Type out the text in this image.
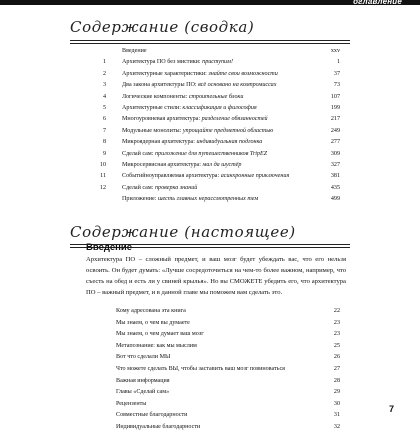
оглавление
Cодержание (сводка)
Введение	xxv
1	Архитектура ПО без мистики: приступим!	1
2	Архитектурные характеристики: знайте свои возможности	37
3	Два закона архитектуры ПО: всё основано на компромиссах	73
4	Логические компоненты: строительные блоки	107
5	Архитектурные стили: классификация и философия	199
6	Многоуровневая архитектура: разделение обязанностей	217
7	Модульные монолиты: упрощайте предметной областью	249
8	Микроядерная архитектура: индивидуальная подгонка	277
9	Сделай сам: приложение для путешественников TripEZ	309
10	Микросервисная архитектура: мал да шустёр	327
11	Событийноуправляемая архитектура: асинхронные приключения	381
12	Сделай сам: проверка знаний	435
Приложение: шесть главных нерассмотренных тем	499
Cодержание (настоящее)
Введение
Архитектура ПО – сложный предмет, и ваш мозг будет убеждать вас, что его нельзя освоить. Он будет думать: «Лучше сосредоточиться на чем-то более важном, например, что съесть на обед и есть ли у свиней крылья». Но вы СМОЖЕТЕ убедить его, что архитектура ПО – важный предмет, и в данной главе мы поможем вам сделать это.
Кому адресована эта книга	22
Мы знаем, о чем вы думаете	23
Мы знаем, о чем думает ваш мозг	23
Метапознание: как мы мыслим	25
Вот что сделали МЫ	26
Что можете сделать ВЫ, чтобы заставить ваш мозг повиноваться	27
Важная информация	28
Главы «Сделай сам»	29
Рецензенты	30
Совместные благодарности	31
Индивидуальные благодарности	32
7
